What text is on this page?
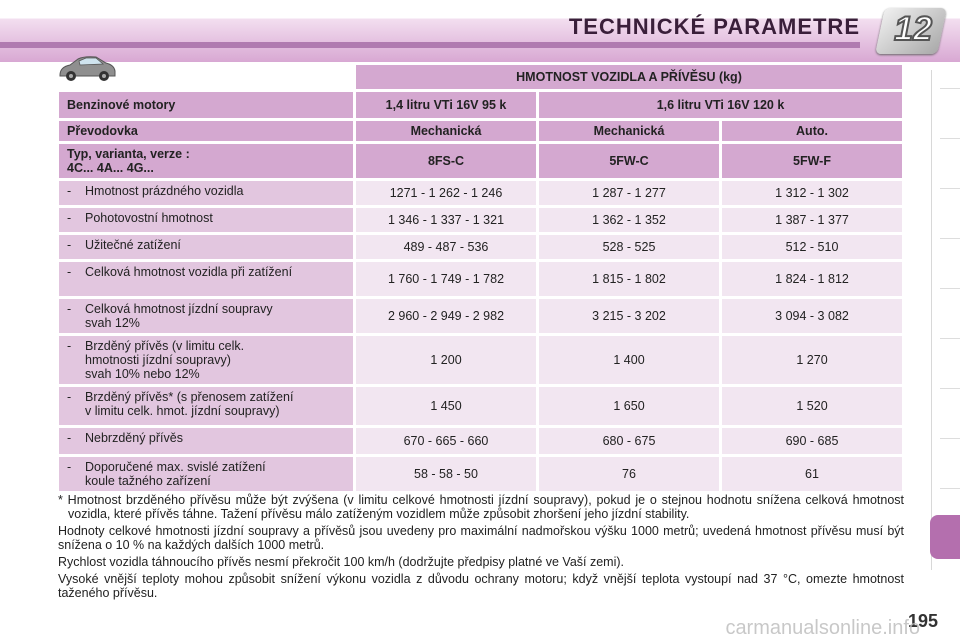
TECHNICKÉ PARAMETRE 12
	HMOTNOST VOZIDLA A PŘÍVĚSU (kg)		
Benzinové motory	1,4 litru VTi 16V 95 k	1,6 litru VTi 16V 120 k	
Převodovka	Mechanická	Mechanická	Auto.

Typ, varianta, verze :
4C... 4A... 4G...	8FS-C	5FW-C	5FW-F

- Hmotnost prázdného vozidla	1271 - 1 262 - 1 246	1 287 - 1 277	1 312 - 1 302

- Pohotovostní hmotnost	1 346 - 1 337 - 1 321	1 362 - 1 352	1 387 - 1 377

- Užitečné zatížení	489 - 487 - 536	528 - 525	512 - 510

- Celková hmotnost vozidla při zatížení	1 760 - 1 749 - 1 782	1 815 - 1 802	1 824 - 1 812

- Celková hmotnost jízdní soupravy
svah 12%	2 960 - 2 949 - 2 982	3 215 - 3 202	3 094 - 3 082

- Brzděný přívěs (v limitu celk.
hmotnosti jízdní soupravy)
svah 10% nebo 12%	1 200	1 400	1 270

- Brzděný přívěs* (s přenosem zatížení
v limitu celk. hmot. jízdní soupravy)	1 450	1 650	1 520

- Nebrzděný přívěs	670 - 665 - 660	680 - 675	690 - 685

- Doporučené max. svislé zatížení
koule tažného zařízení	58 - 58 - 50	76	61

* Hmotnost brzděného přívěsu může být zvýšena (v limitu celkové hmotnosti jízdní soupravy), pokud je o stejnou hodnotu snížena celková hmotnost vozidla, které přívěs táhne. Tažení přívěsu málo zatíženým vozidlem může způsobit zhoršení jeho jízdní stability.

Hodnoty celkové hmotnosti jízdní soupravy a přívěsů jsou uvedeny pro maximální nadmořskou výšku 1000 metrů; uvedená hmotnost přívěsu musí být snížena o 10 % na každých dalších 1000 metrů.

Rychlost vozidla táhnoucího přívěs nesmí překročit 100 km/h (dodržujte předpisy platné ve Vaší zemi).

Vysoké vnější teploty mohou způsobit snížení výkonu vozidla z důvodu ochrany motoru; když vnější teplota vystoupí nad 37 °C, omezte hmotnost taženého přívěsu.

195
carmanualsonline.info
